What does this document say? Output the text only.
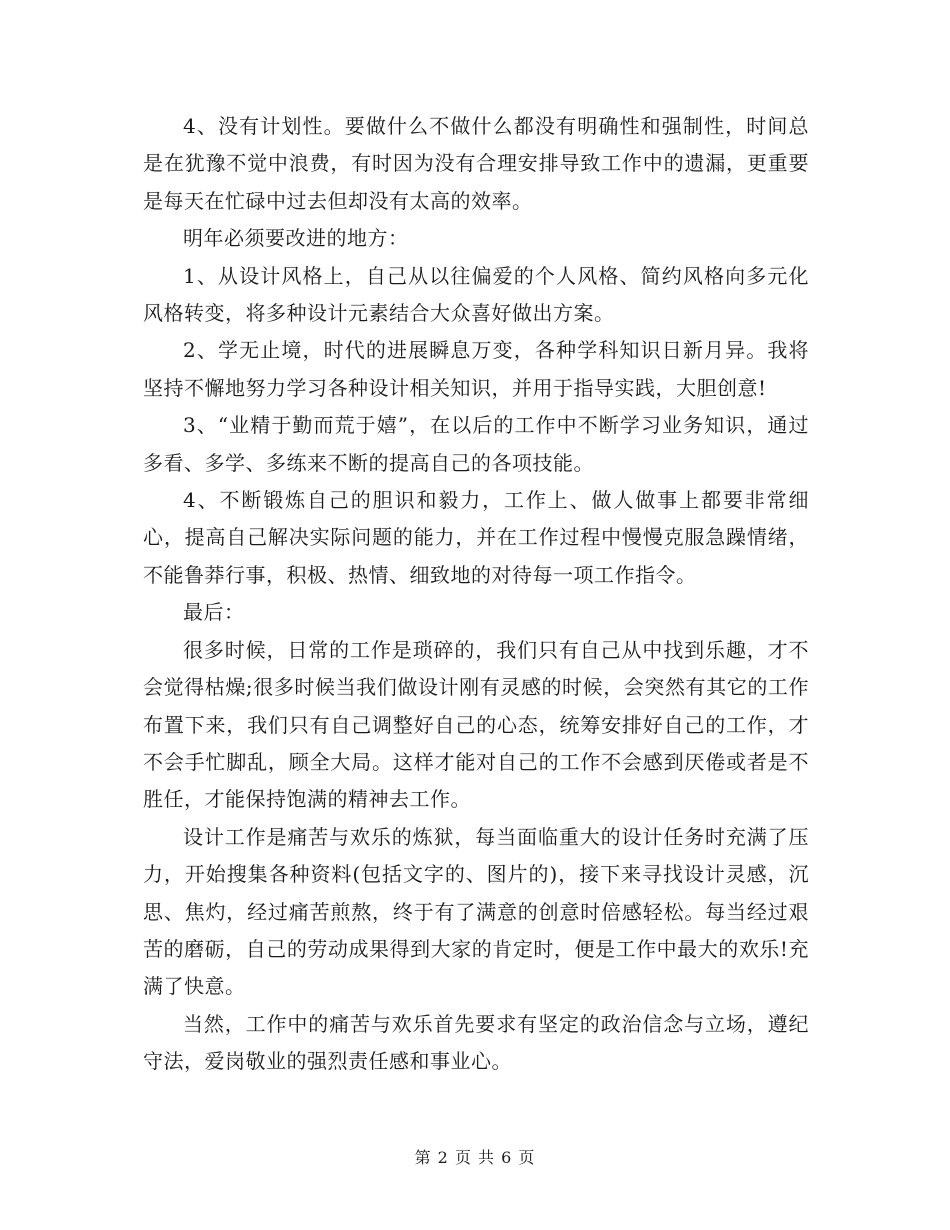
4、没有计划性。要做什么不做什么都没有明确性和强制性，时间总是在犹豫不觉中浪费，有时因为没有合理安排导致工作中的遗漏，更重要是每天在忙碌中过去但却没有太高的效率。

明年必须要改进的地方：

1、从设计风格上，自己从以往偏爱的个人风格、简约风格向多元化风格转变，将多种设计元素结合大众喜好做出方案。

2、学无止境，时代的进展瞬息万变，各种学科知识日新月异。我将坚持不懈地努力学习各种设计相关知识，并用于指导实践，大胆创意!

3、“业精于勤而荒于嬉”，在以后的工作中不断学习业务知识，通过多看、多学、多练来不断的提高自己的各项技能。

4、不断锻炼自己的胆识和毅力，工作上、做人做事上都要非常细心，提高自己解决实际问题的能力，并在工作过程中慢慢克服急躁情绪，不能鲁莽行事，积极、热情、细致地的对待每一项工作指令。

最后：

很多时候，日常的工作是琐碎的，我们只有自己从中找到乐趣，才不会觉得枯燥;很多时候当我们做设计刚有灵感的时候，会突然有其它的工作布置下来，我们只有自己调整好自己的心态，统筹安排好自己的工作，才不会手忙脚乱，顾全大局。这样才能对自己的工作不会感到厌倦或者是不胜任，才能保持饱满的精神去工作。

设计工作是痛苦与欢乐的炼狱，每当面临重大的设计任务时充满了压力，开始搜集各种资料(包括文字的、图片的)，接下来寻找设计灵感，沉思、焦灼，经过痛苦煎熬，终于有了满意的创意时倍感轻松。每当经过艰苦的磨砺，自己的劳动成果得到大家的肯定时，便是工作中最大的欢乐!充满了快意。

当然，工作中的痛苦与欢乐首先要求有坚定的政治信念与立场，遵纪守法，爱岗敬业的强烈责任感和事业心。

第 2 页 共 6 页
